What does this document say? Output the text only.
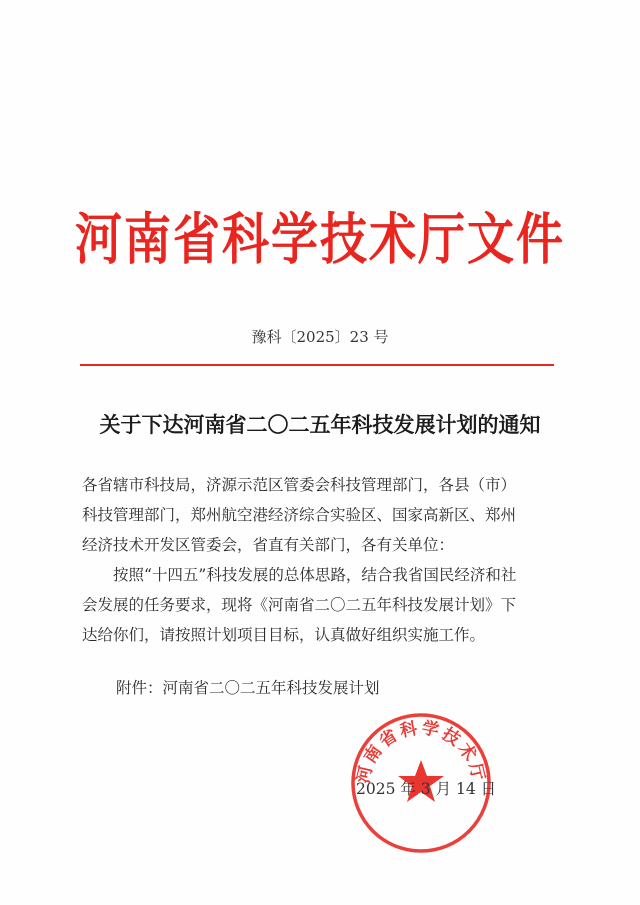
河南省科学技术厅文件
豫科〔2025〕23 号
关于下达河南省二〇二五年科技发展计划的通知
各省辖市科技局，济源示范区管委会科技管理部门，各县（市）
科技管理部门，郑州航空港经济综合实验区、国家高新区、郑州
经济技术开发区管委会，省直有关部门，各有关单位：
按照“十四五”科技发展的总体思路，结合我省国民经济和社
会发展的任务要求，现将《河南省二〇二五年科技发展计划》下
达给你们，请按照计划项目目标，认真做好组织实施工作。
附件：河南省二〇二五年科技发展计划
河南省科学技术厅
2025 年 3 月 14 日
